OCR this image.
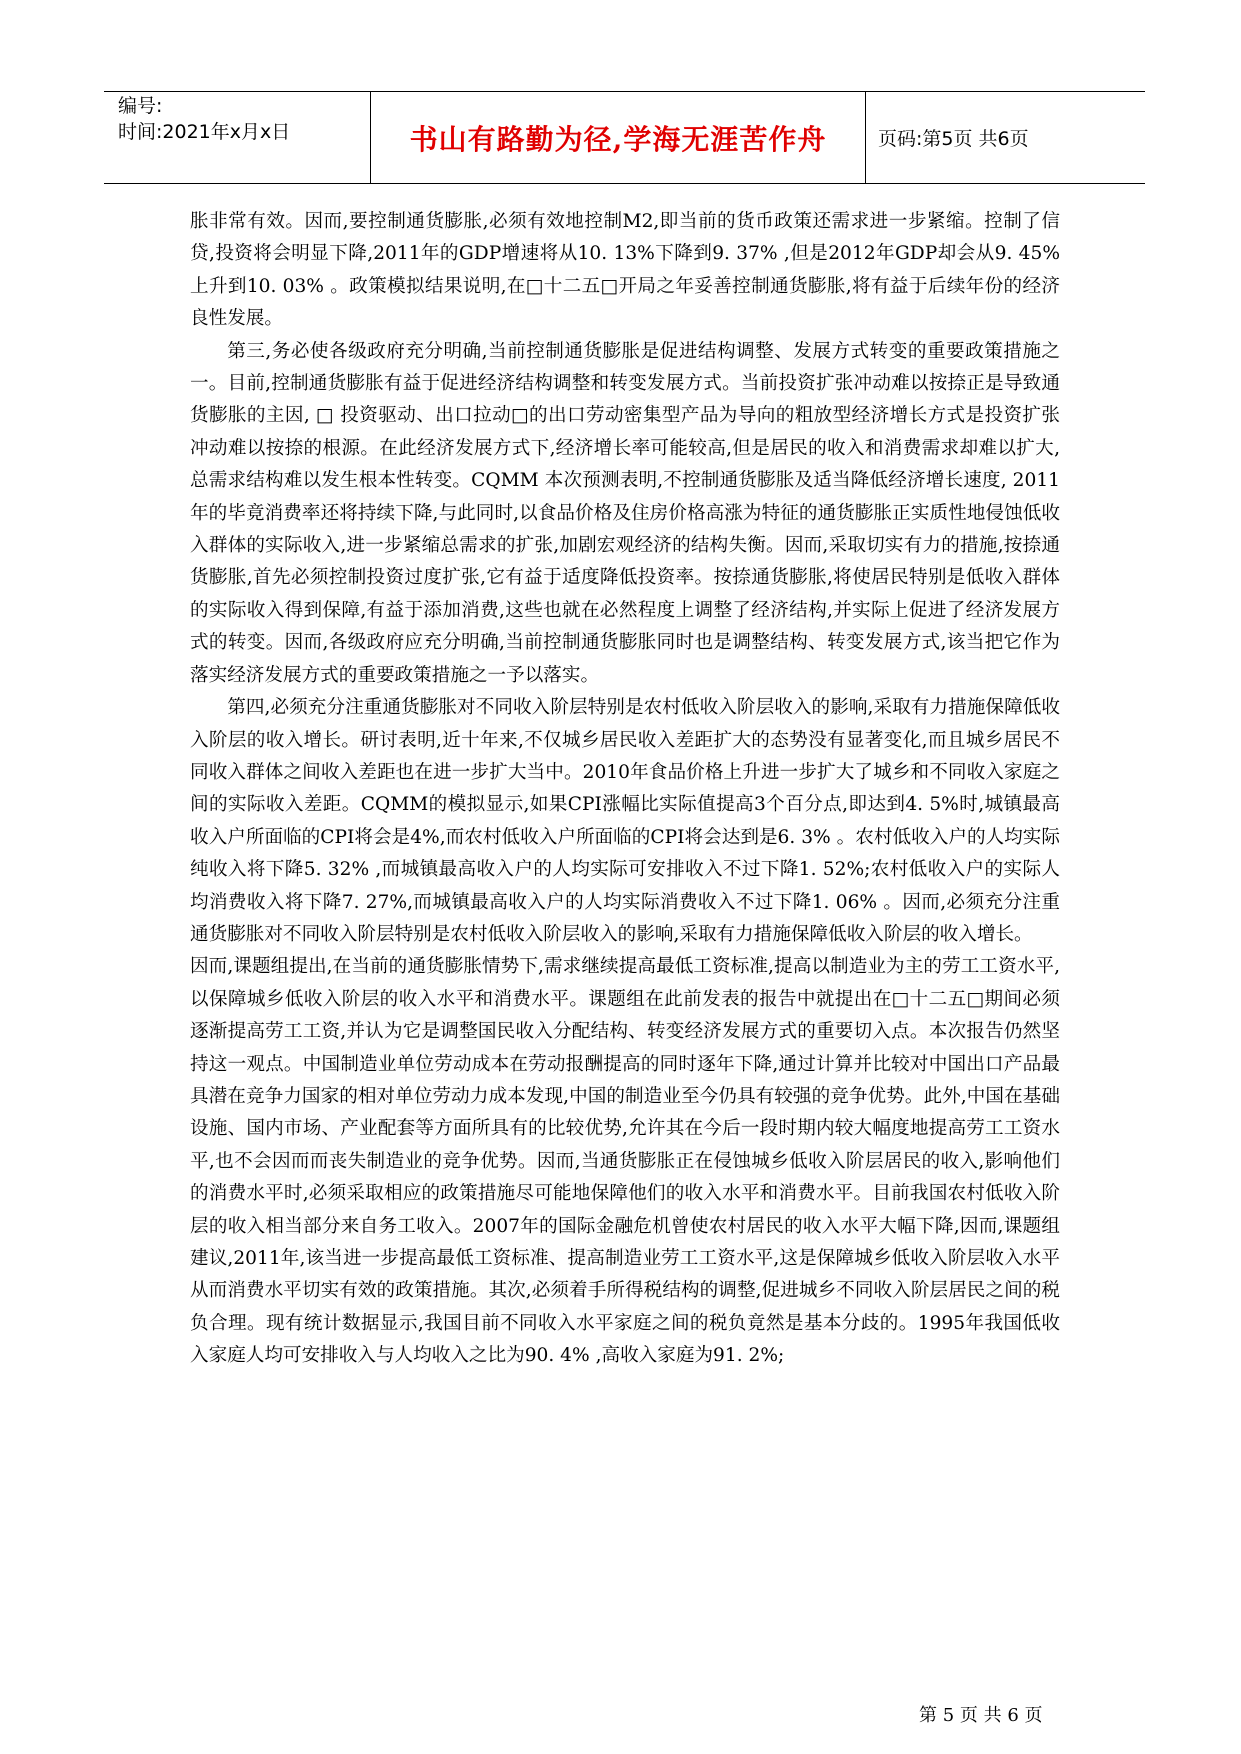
编号:
时间:2021年x月x日	书山有路勤为径,学海无涯苦作舟	页码:第5页 共6页

胀非常有效。因而,要控制通货膨胀,必须有效地控制M2,即当前的货币政策还需求进一步紧缩。控制了信贷,投资将会明显下降,2011年的GDP增速将从10. 13%下降到9. 37% ,但是2012年GDP却会从9. 45% 上升到10. 03% 。政策模拟结果说明,在□十二五□开局之年妥善控制通货膨胀,将有益于后续年份的经济良性发展。

第三,务必使各级政府充分明确,当前控制通货膨胀是促进结构调整、发展方式转变的重要政策措施之一。目前,控制通货膨胀有益于促进经济结构调整和转变发展方式。当前投资扩张冲动难以按捺正是导致通货膨胀的主因, □ 投资驱动、出口拉动□的出口劳动密集型产品为导向的粗放型经济增长方式是投资扩张冲动难以按捺的根源。在此经济发展方式下,经济增长率可能较高,但是居民的收入和消费需求却难以扩大,总需求结构难以发生根本性转变。CQMM 本次预测表明,不控制通货膨胀及适当降低经济增长速度, 2011年的毕竟消费率还将持续下降,与此同时,以食品价格及住房价格高涨为特征的通货膨胀正实质性地侵蚀低收入群体的实际收入,进一步紧缩总需求的扩张,加剧宏观经济的结构失衡。因而,采取切实有力的措施,按捺通货膨胀,首先必须控制投资过度扩张,它有益于适度降低投资率。按捺通货膨胀,将使居民特别是低收入群体的实际收入得到保障,有益于添加消费,这些也就在必然程度上调整了经济结构,并实际上促进了经济发展方式的转变。因而,各级政府应充分明确,当前控制通货膨胀同时也是调整结构、转变发展方式,该当把它作为落实经济发展方式的重要政策措施之一予以落实。

第四,必须充分注重通货膨胀对不同收入阶层特别是农村低收入阶层收入的影响,采取有力措施保障低收入阶层的收入增长。研讨表明,近十年来,不仅城乡居民收入差距扩大的态势没有显著变化,而且城乡居民不同收入群体之间收入差距也在进一步扩大当中。2010年食品价格上升进一步扩大了城乡和不同收入家庭之间的实际收入差距。CQMM的模拟显示,如果CPI涨幅比实际值提高3个百分点,即达到4. 5%时,城镇最高收入户所面临的CPI将会是4%,而农村低收入户所面临的CPI将会达到是6. 3% 。农村低收入户的人均实际纯收入将下降5. 32% ,而城镇最高收入户的人均实际可安排收入不过下降1. 52%;农村低收入户的实际人均消费收入将下降7. 27%,而城镇最高收入户的人均实际消费收入不过下降1. 06% 。因而,必须充分注重通货膨胀对不同收入阶层特别是农村低收入阶层收入的影响,采取有力措施保障低收入阶层的收入增长。

因而,课题组提出,在当前的通货膨胀情势下,需求继续提高最低工资标准,提高以制造业为主的劳工工资水平,以保障城乡低收入阶层的收入水平和消费水平。课题组在此前发表的报告中就提出在□十二五□期间必须逐渐提高劳工工资,并认为它是调整国民收入分配结构、转变经济发展方式的重要切入点。本次报告仍然坚持这一观点。中国制造业单位劳动成本在劳动报酬提高的同时逐年下降,通过计算并比较对中国出口产品最具潜在竞争力国家的相对单位劳动力成本发现,中国的制造业至今仍具有较强的竞争优势。此外,中国在基础设施、国内市场、产业配套等方面所具有的比较优势,允许其在今后一段时期内较大幅度地提高劳工工资水平,也不会因而而丧失制造业的竞争优势。因而,当通货膨胀正在侵蚀城乡低收入阶层居民的收入,影响他们的消费水平时,必须采取相应的政策措施尽可能地保障他们的收入水平和消费水平。目前我国农村低收入阶层的收入相当部分来自务工收入。2007年的国际金融危机曾使农村居民的收入水平大幅下降,因而,课题组建议,2011年,该当进一步提高最低工资标准、提高制造业劳工工资水平,这是保障城乡低收入阶层收入水平从而消费水平切实有效的政策措施。其次,必须着手所得税结构的调整,促进城乡不同收入阶层居民之间的税负合理。现有统计数据显示,我国目前不同收入水平家庭之间的税负竟然是基本分歧的。1995年我国低收入家庭人均可安排收入与人均收入之比为90. 4% ,高收入家庭为91. 2%;

第 5 页 共 6 页
